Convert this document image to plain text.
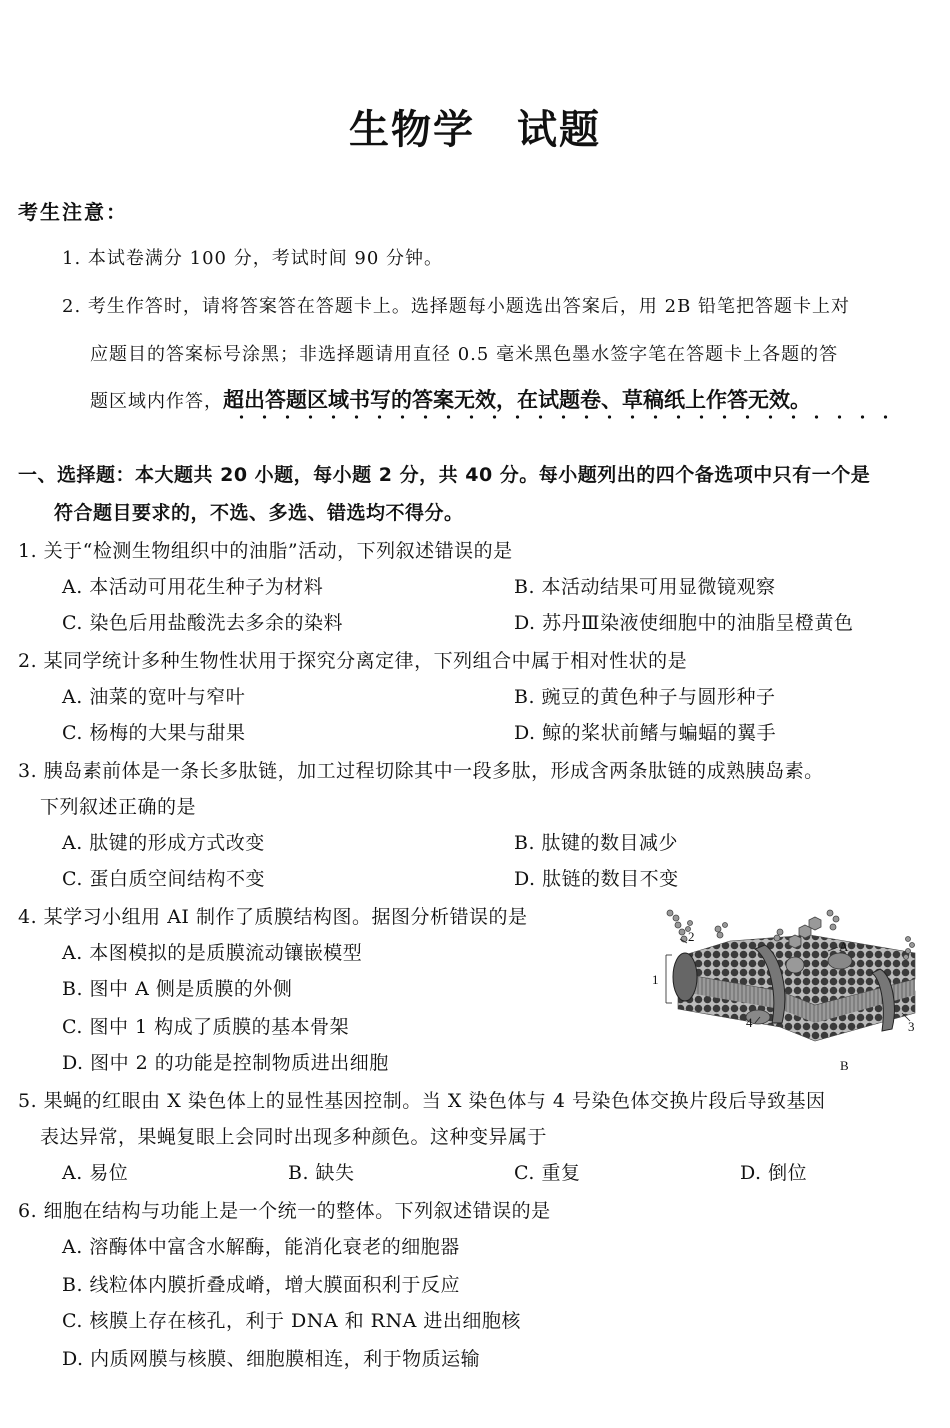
生物学　试题
考生注意：
1. 本试卷满分 100 分，考试时间 90 分钟。
2. 考生作答时，请将答案答在答题卡上。选择题每小题选出答案后，用 2B 铅笔把答题卡上对
应题目的答案标号涂黑；非选择题请用直径 0.5 毫米黑色墨水签字笔在答题卡上各题的答
题区域内作答，超出答题区域书写的答案无效，在试题卷、草稿纸上作答无效。
一、选择题：本大题共 20 小题，每小题 2 分，共 40 分。每小题列出的四个备选项中只有一个是
符合题目要求的，不选、多选、错选均不得分。
1. 关于“检测生物组织中的油脂”活动，下列叙述错误的是
A. 本活动可用花生种子为材料	B. 本活动结果可用显微镜观察
C. 染色后用盐酸洗去多余的染料	D. 苏丹Ⅲ染液使细胞中的油脂呈橙黄色
2. 某同学统计多种生物性状用于探究分离定律，下列组合中属于相对性状的是
A. 油菜的宽叶与窄叶	B. 豌豆的黄色种子与圆形种子
C. 杨梅的大果与甜果	D. 鲸的桨状前鳍与蝙蝠的翼手
3. 胰岛素前体是一条长多肽链，加工过程切除其中一段多肽，形成含两条肽链的成熟胰岛素。
下列叙述正确的是
A. 肽键的形成方式改变	B. 肽键的数目减少
C. 蛋白质空间结构不变	D. 肽链的数目不变
4. 某学习小组用 AI 制作了质膜结构图。据图分析错误的是
A. 本图模拟的是质膜流动镶嵌模型
B. 图中 A 侧是质膜的外侧
C. 图中 1 构成了质膜的基本骨架
D. 图中 2 的功能是控制物质进出细胞
1
2
3
4
A
B
5. 果蝇的红眼由 X 染色体上的显性基因控制。当 X 染色体与 4 号染色体交换片段后导致基因
表达异常，果蝇复眼上会同时出现多种颜色。这种变异属于
A. 易位	B. 缺失	C. 重复	D. 倒位
6. 细胞在结构与功能上是一个统一的整体。下列叙述错误的是
A. 溶酶体中富含水解酶，能消化衰老的细胞器
B. 线粒体内膜折叠成嵴，增大膜面积利于反应
C. 核膜上存在核孔，利于 DNA 和 RNA 进出细胞核
D. 内质网膜与核膜、细胞膜相连，利于物质运输
